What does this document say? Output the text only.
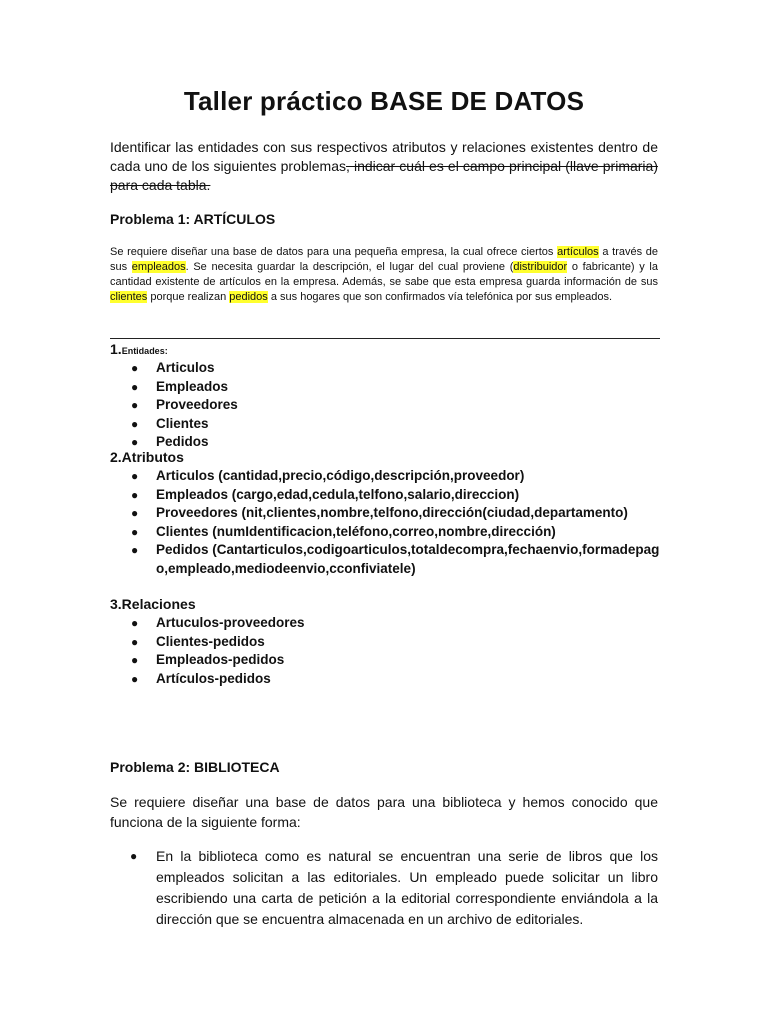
Taller práctico BASE DE DATOS

Identificar las entidades con sus respectivos atributos y relaciones existentes dentro de cada uno de los siguientes problemas, indicar cuál es el campo principal (llave primaria) para cada tabla.

Problema 1: ARTÍCULOS

Se requiere diseñar una base de datos para una pequeña empresa, la cual ofrece ciertos artículos a través de sus empleados. Se necesita guardar la descripción, el lugar del cual proviene (distribuidor o fabricante) y la cantidad existente de artículos en la empresa. Además, se sabe que esta empresa guarda información de sus clientes porque realizan pedidos a sus hogares que son confirmados vía telefónica por sus empleados.

1.Entidades:

● Articulos
● Empleados
● Proveedores
● Clientes
● Pedidos

2.Atributos

● Articulos (cantidad,precio,código,descripción,proveedor)
● Empleados (cargo,edad,cedula,telfono,salario,direccion)
● Proveedores (nit,clientes,nombre,telfono,dirección(ciudad,departamento)
● Clientes (numIdentificacion,teléfono,correo,nombre,dirección)
● Pedidos (Cantarticulos,codigoarticulos,totaldecompra,fechaenvio,formadepago,empleado,mediodeenvio,cconfiviatele)

3.Relaciones

● Artuculos-proveedores
● Clientes-pedidos
● Empleados-pedidos
● Artículos-pedidos

Problema 2: BIBLIOTECA

Se requiere diseñar una base de datos para una biblioteca y hemos conocido que funciona de la siguiente forma:

● En la biblioteca como es natural se encuentran una serie de libros que los empleados solicitan a las editoriales. Un empleado puede solicitar un libro escribiendo una carta de petición a la editorial correspondiente enviándola a la dirección que se encuentra almacenada en un archivo de editoriales.
